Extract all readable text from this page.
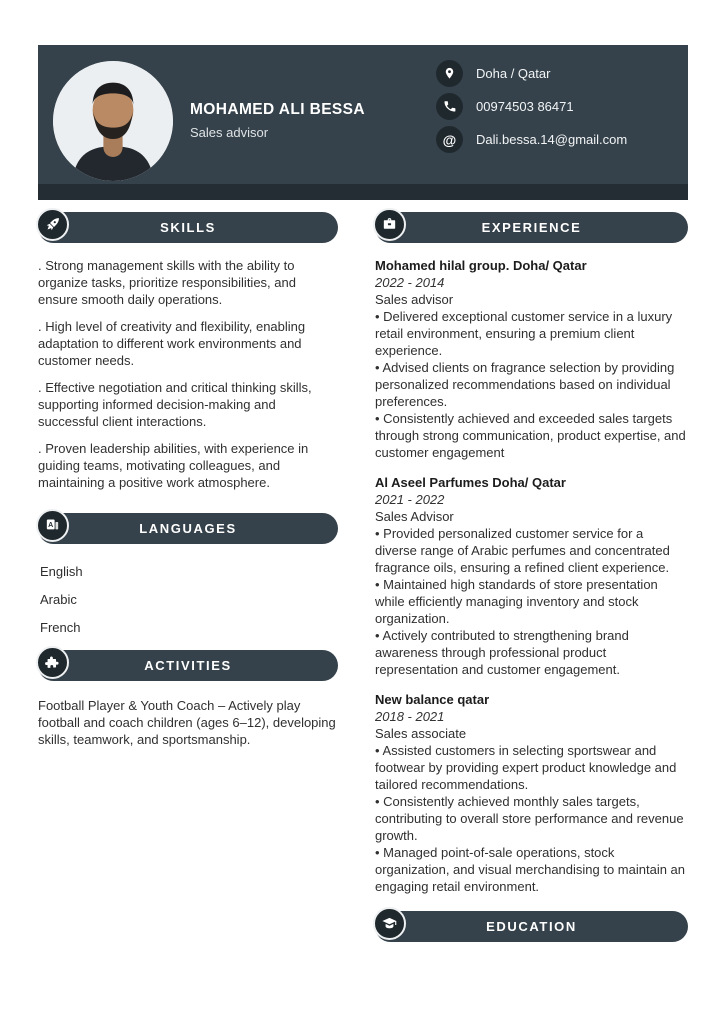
MOHAMED ALI BESSA
Sales advisor
Doha / Qatar
00974503 86471
@ Dali.bessa.14@gmail.com
SKILLS

. Strong management skills with the ability to organize tasks, prioritize responsibilities, and ensure smooth daily operations.

. High level of creativity and flexibility, enabling adaptation to different work environments and customer needs.

. Effective negotiation and critical thinking skills, supporting informed decision-making and successful client interactions.

. Proven leadership abilities, with experience in guiding teams, motivating colleagues, and maintaining a positive work atmosphere.

A	LANGUAGES

English

Arabic

French

ACTIVITIES

Football Player & Youth Coach – Actively play football and coach children (ages 6–12), developing skills, teamwork, and sportsmanship.

EXPERIENCE
Mohamed hilal group. Doha/ Qatar
2022 - 2014
Sales advisor

• Delivered exceptional customer service in a luxury retail environment, ensuring a premium client experience.

• Advised clients on fragrance selection by providing personalized recommendations based on individual preferences.

• Consistently achieved and exceeded sales targets through strong communication, product expertise, and customer engagement

Al Aseel Parfumes Doha/ Qatar
2021 - 2022
Sales Advisor

• Provided personalized customer service for a diverse range of Arabic perfumes and concentrated fragrance oils, ensuring a refined client experience.

• Maintained high standards of store presentation while efficiently managing inventory and stock organization.

• Actively contributed to strengthening brand awareness through professional product representation and customer engagement.

New balance qatar
2018 - 2021
Sales associate

• Assisted customers in selecting sportswear and footwear by providing expert product knowledge and tailored recommendations.

• Consistently achieved monthly sales targets, contributing to overall store performance and revenue growth.

• Managed point-of-sale operations, stock organization, and visual merchandising to maintain an engaging retail environment.

EDUCATION
